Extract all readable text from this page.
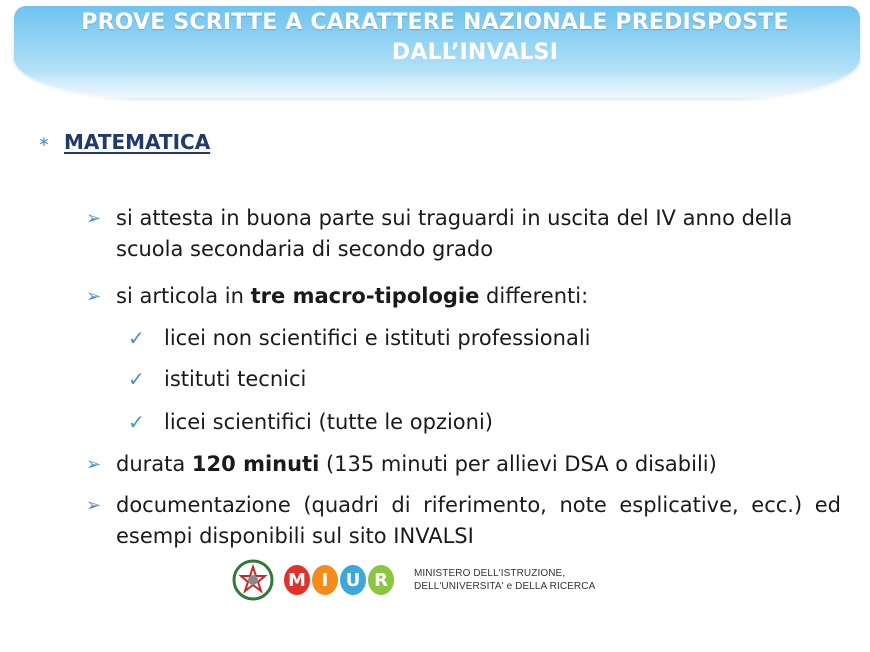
PROVE SCRITTE A CARATTERE NAZIONALE PREDISPOSTE
DALL’INVALSI
∗ MATEMATICA
➢ si attesta in buona parte sui traguardi in uscita del IV anno della scuola secondaria di secondo grado
➢ si articola in tre macro-tipologie differenti:
✓ licei non scientifici e istituti professionali
✓ istituti tecnici
✓ licei scientifici (tutte le opzioni)
➢ durata 120 minuti (135 minuti per allievi DSA o disabili)
➢ documentazione (quadri di riferimento, note esplicative, ecc.) ed esempi disponibili sul sito INVALSI
M I U R	MINISTERO DELL'ISTRUZIONE,
DELL'UNIVERSITA' e DELLA RICERCA
